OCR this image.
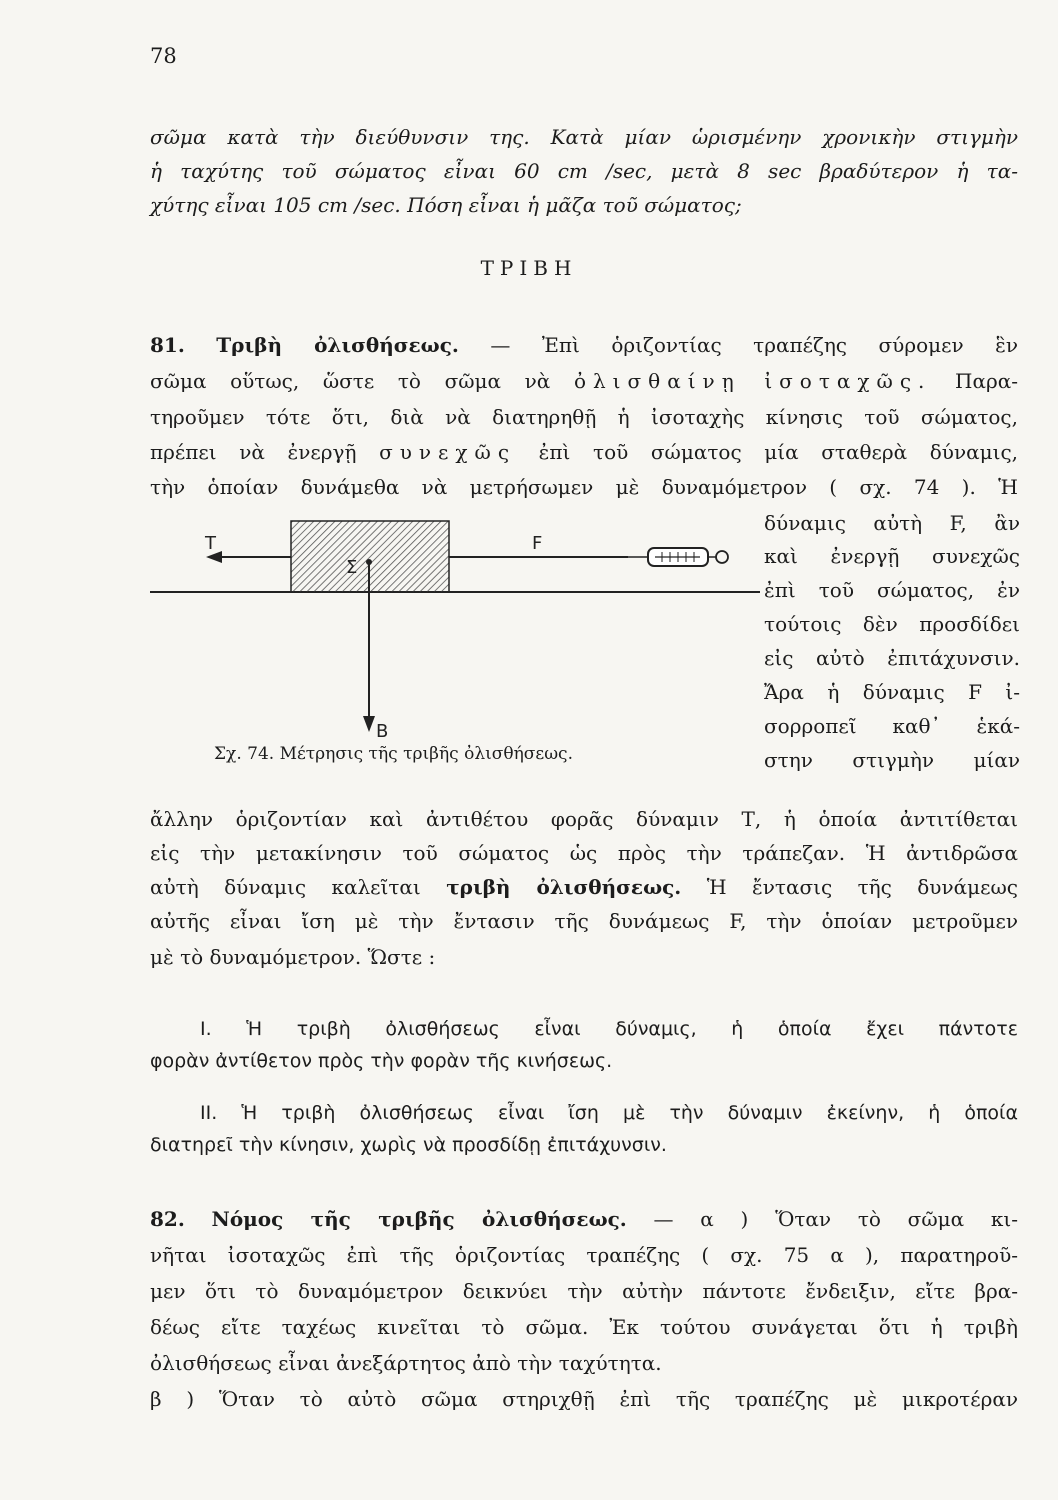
78
σῶμα κατὰ τὴν διεύθυνσιν της. Κατὰ μίαν ὡρισμένην χρονικὴν στιγμὴν
ἡ ταχύτης τοῦ σώματος εἶναι 60 cm /sec, μετὰ 8 sec βραδύτερον ἡ τα-
χύτης εἶναι 105 cm /sec. Πόση εἶναι ἡ μᾶζα τοῦ σώματος;
ΤΡΙΒΗ
81. Τριβὴ ὀλισθήσεως. — Ἐπὶ ὁριζοντίας τραπέζης σύρομεν ἓν
σῶμα οὕτως, ὥστε τὸ σῶμα νὰ ὀλισθαίνῃ ἰσοταχῶς. Παρα-
τηροῦμεν τότε ὅτι, διὰ νὰ διατηρηθῇ ἡ ἰσοταχὴς κίνησις τοῦ σώματος,
πρέπει νὰ ἐνεργῇ συνεχῶς ἐπὶ τοῦ σώματος μία σταθερὰ δύναμις,
τὴν ὁποίαν δυνάμεθα νὰ μετρήσωμεν μὲ δυναμόμετρον ( σχ. 74 ). Ἡ
δύναμις αὐτὴ F, ἂν
καὶ ἐνεργῇ συνεχῶς
ἐπὶ τοῦ σώματος, ἐν
τούτοις δὲν προσδίδει
εἰς αὐτὸ ἐπιτάχυνσιν.
Ἄρα ἡ δύναμις F ἰ-
σορροπεῖ καθ᾽ ἑκά-
στην στιγμὴν μίαν
T	F
Σ
B
Σχ. 74. Μέτρησις τῆς τριβῆς ὀλισθήσεως.
ἄλλην ὁριζοντίαν καὶ ἀντιθέτου φορᾶς δύναμιν Τ, ἡ ὁποία ἀντιτίθεται
εἰς τὴν μετακίνησιν τοῦ σώματος ὡς πρὸς τὴν τράπεζαν. Ἡ ἀντιδρῶσα
αὐτὴ δύναμις καλεῖται τριβὴ ὀλισθήσεως. Ἡ ἔντασις τῆς δυνάμεως
αὐτῆς εἶναι ἴση μὲ τὴν ἔντασιν τῆς δυνάμεως F, τὴν ὁποίαν μετροῦμεν
μὲ τὸ δυναμόμετρον. Ὥστε :
I. Ἡ τριβὴ ὀλισθήσεως εἶναι δύναμις, ἡ ὁποία ἔχει πάντοτε
φορὰν ἀντίθετον πρὸς τὴν φορὰν τῆς κινήσεως.
II. Ἡ τριβὴ ὀλισθήσεως εἶναι ἴση μὲ τὴν δύναμιν ἐκείνην, ἡ ὁποία
διατηρεῖ τὴν κίνησιν, χωρὶς νὰ προσδίδῃ ἐπιτάχυνσιν.
82. Νόμος τῆς τριβῆς ὀλισθήσεως. — α ) Ὅταν τὸ σῶμα κι-
νῆται ἰσοταχῶς ἐπὶ τῆς ὁριζοντίας τραπέζης ( σχ. 75 α ), παρατηροῦ-
μεν ὅτι τὸ δυναμόμετρον δεικνύει τὴν αὐτὴν πάντοτε ἔνδειξιν, εἴτε βρα-
δέως εἴτε ταχέως κινεῖται τὸ σῶμα. Ἐκ τούτου συνάγεται ὅτι ἡ τριβὴ
ὀλισθήσεως εἶναι ἀνεξάρτητος ἀπὸ τὴν ταχύτητα.
β ) Ὅταν τὸ αὐτὸ σῶμα στηριχθῇ ἐπὶ τῆς τραπέζης μὲ μικροτέραν
